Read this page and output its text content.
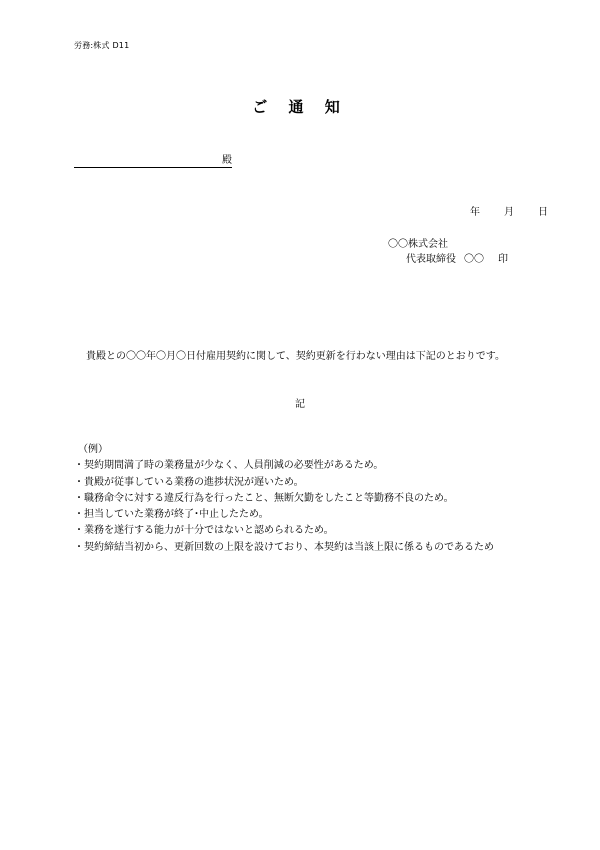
労務:株式 D11
ご 通 知
殿
年	月	日
〇〇株式会社
代表取締役 〇〇 印
貴殿との〇〇年〇月〇日付雇用契約に関して、契約更新を行わない理由は下記のとおりです。
記
（例）
・ 契約期間満了時の業務量が少なく、人員削減の必要性があるため。
・ 貴殿が従事している業務の進捗状況が遅いため。
・ 職務命令に対する違反行為を行ったこと、無断欠勤をしたこと等勤務不良のため。
・ 担当していた業務が終了･中止したため。
・ 業務を遂行する能力が十分ではないと認められるため。
・ 契約締結当初から、更新回数の上限を設けており、本契約は当該上限に係るものであるため
